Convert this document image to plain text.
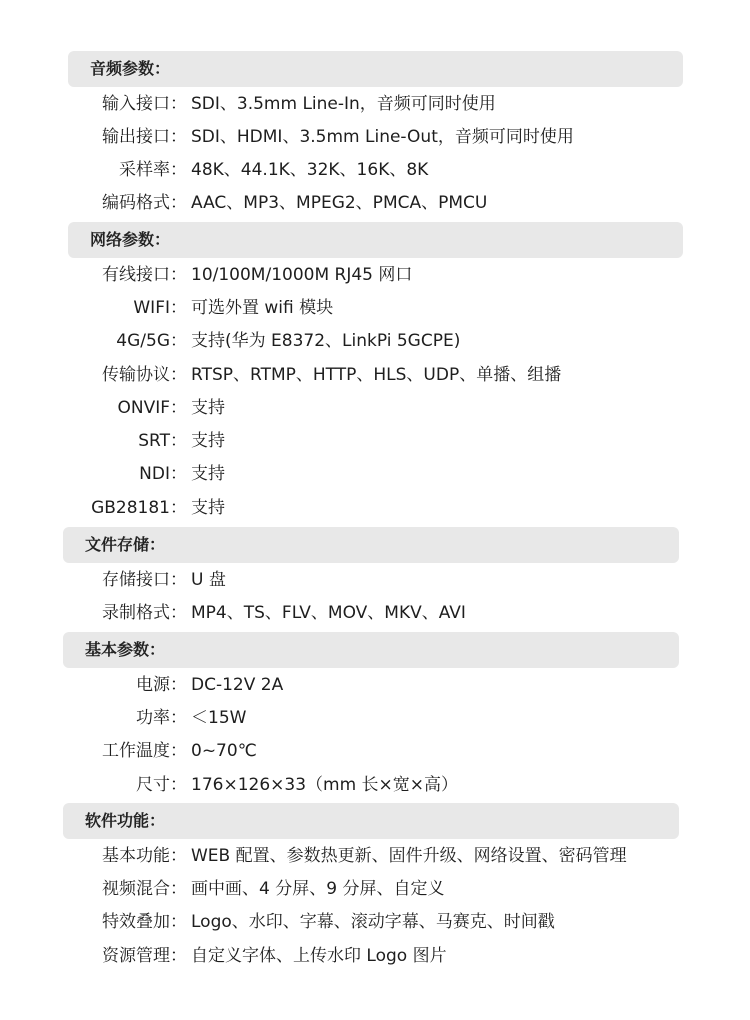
音频参数：
输入接口： SDI、3.5mm Line-In，音频可同时使用
输出接口： SDI、HDMI、3.5mm Line-Out，音频可同时使用
采样率： 48K、44.1K、32K、16K、8K
编码格式： AAC、MP3、MPEG2、PMCA、PMCU
网络参数：
有线接口： 10/100M/1000M RJ45 网口
WIFI： 可选外置 wifi 模块
4G/5G： 支持(华为 E8372、LinkPi 5GCPE)
传输协议： RTSP、RTMP、HTTP、HLS、UDP、单播、组播
ONVIF： 支持
SRT： 支持
NDI： 支持
GB28181： 支持
文件存储：
存储接口： U 盘
录制格式： MP4、TS、FLV、MOV、MKV、AVI
基本参数：
电源： DC-12V 2A
功率： ＜15W
工作温度： 0~70℃
尺寸： 176×126×33（mm 长×宽×高）
软件功能：
基本功能： WEB 配置、参数热更新、固件升级、网络设置、密码管理
视频混合： 画中画、4 分屏、9 分屏、自定义
特效叠加： Logo、水印、字幕、滚动字幕、马赛克、时间戳
资源管理： 自定义字体、上传水印 Logo 图片
